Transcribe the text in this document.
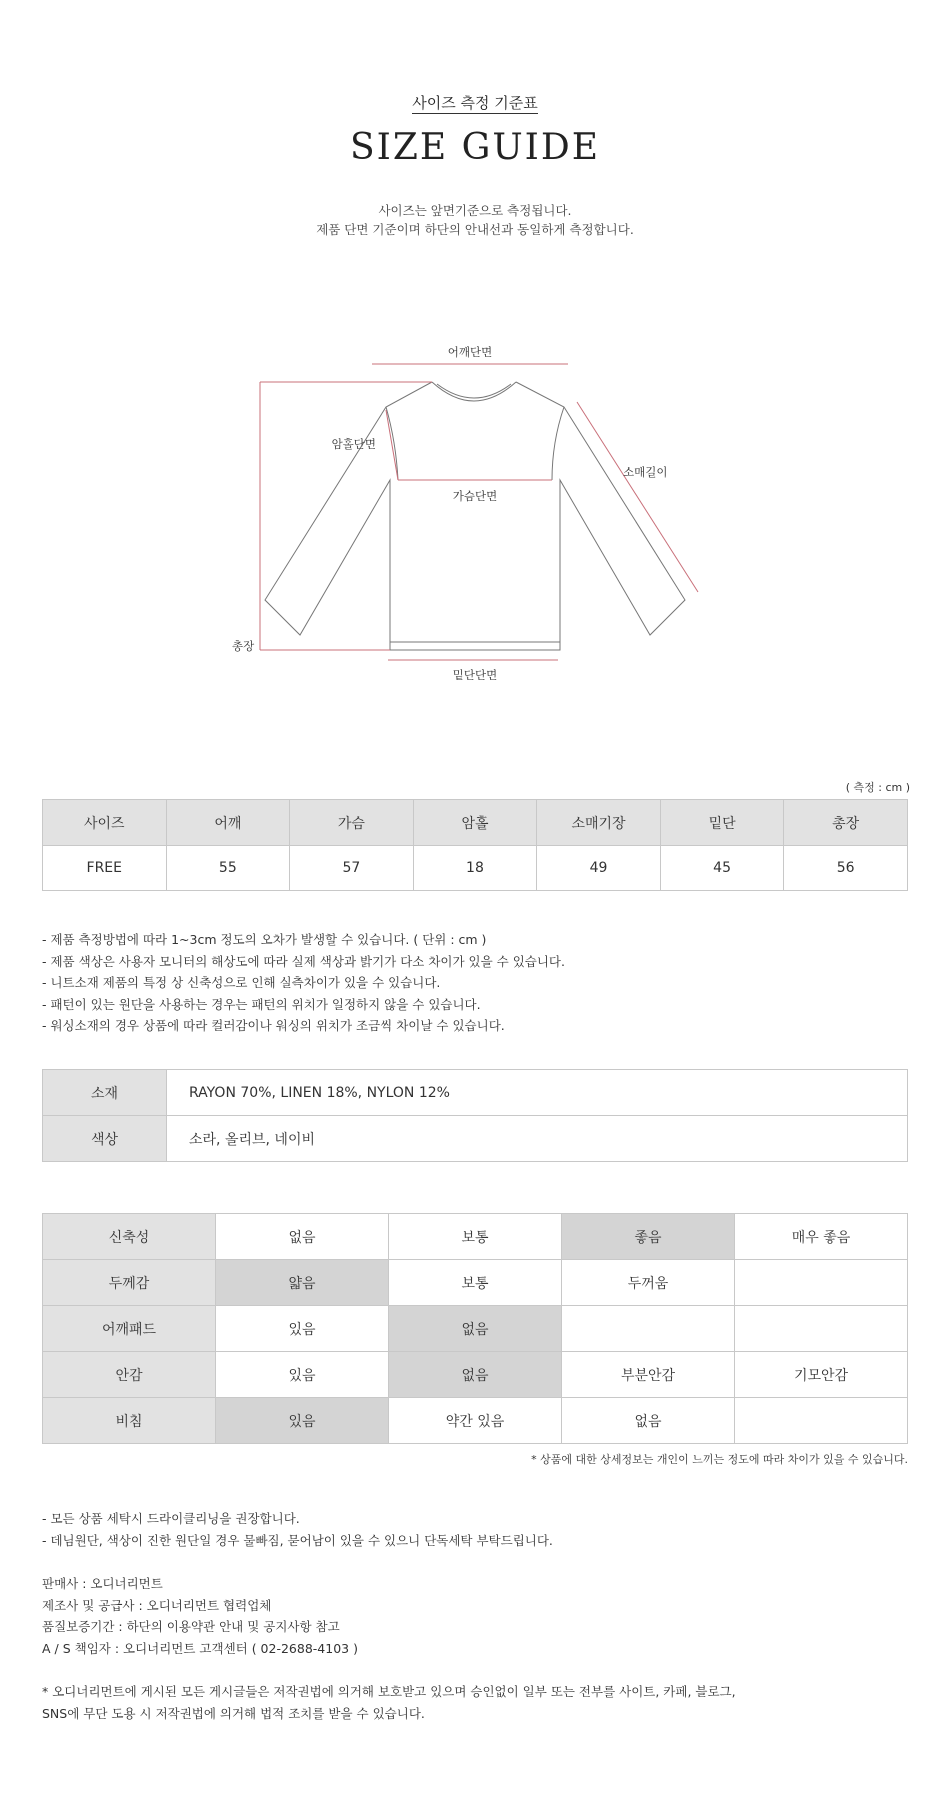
사이즈 측정 기준표
SIZE GUIDE
사이즈는 앞면기준으로 측정됩니다.
제품 단면 기준이며 하단의 안내선과 동일하게 측정합니다.
어깨단면
암홀단면
가슴단면
소매길이
총장
밑단단면
( 측정 : cm )
사이즈	어깨	가슴	암홀	소매기장	밑단	총장
FREE	55	57	18	49	45	56
- 제품 측정방법에 따라 1~3cm 정도의 오차가 발생할 수 있습니다. ( 단위 : cm )
- 제품 색상은 사용자 모니터의 해상도에 따라 실제 색상과 밝기가 다소 차이가 있을 수 있습니다.
- 니트소재 제품의 특정 상 신축성으로 인해 실측차이가 있을 수 있습니다.
- 패턴이 있는 원단을 사용하는 경우는 패턴의 위치가 일정하지 않을 수 있습니다.
- 워싱소재의 경우 상품에 따라 컬러감이나 워싱의 위치가 조금씩 차이날 수 있습니다.
소재	RAYON 70%, LINEN 18%, NYLON 12%
색상	소라, 올리브, 네이비
신축성	없음	보통	좋음	매우 좋음
두께감	얇음	보통	두꺼움	
어깨패드	있음	없음		
안감	있음	없음	부분안감	기모안감
비침	있음	약간 있음	없음	
* 상품에 대한 상세정보는 개인이 느끼는 정도에 따라 차이가 있을 수 있습니다.
- 모든 상품 세탁시 드라이클리닝을 권장합니다.
- 데님원단, 색상이 진한 원단일 경우 물빠짐, 묻어남이 있을 수 있으니 단독세탁 부탁드립니다.
판매사 : 오디너리먼트
제조사 및 공급사 : 오디너리먼트 협력업체
품질보증기간 : 하단의 이용약관 안내 및 공지사항 참고
A / S 책임자 : 오디너리먼트 고객센터 ( 02-2688-4103 )
* 오디너리먼트에 게시된 모든 게시글들은 저작권법에 의거해 보호받고 있으며 승인없이 일부 또는 전부를 사이트, 카페, 블로그,
SNS에 무단 도용 시 저작권법에 의거해 법적 조치를 받을 수 있습니다.
